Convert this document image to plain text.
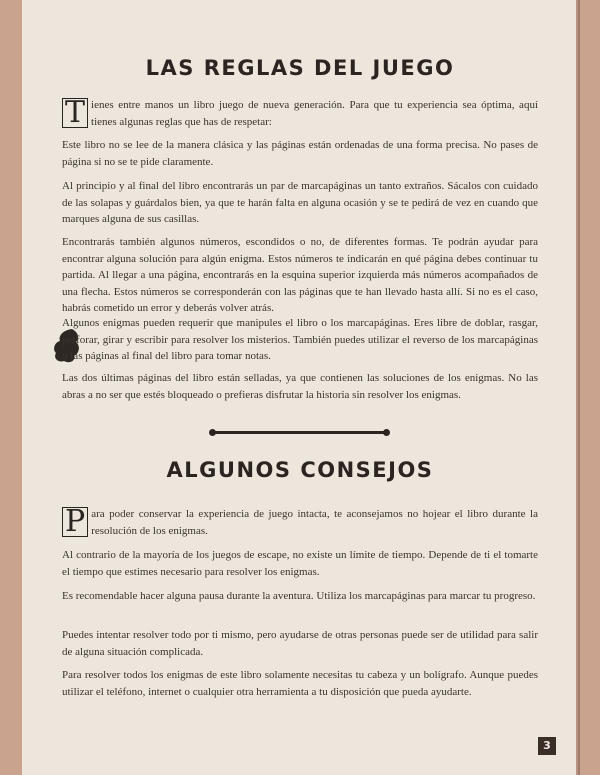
LAS REGLAS DEL JUEGO

T ienes entre manos un libro juego de nueva generación. Para que tu experiencia sea óptima, aquí tienes algunas reglas que has de respetar:

Este libro no se lee de la manera clásica y las páginas están ordenadas de una forma precisa. No pases de página si no se te pide claramente.

Al principio y al final del libro encontrarás un par de marcapáginas un tanto extraños. Sácalos con cuidado de las solapas y guárdalos bien, ya que te harán falta en alguna ocasión y se te pedirá de vez en cuando que marques alguna de sus casillas.

Encontrarás también algunos números, escondidos o no, de diferentes formas. Te podrán ayudar para encontrar alguna solución para algún enigma. Estos números te indicarán en qué página debes continuar tu partida. Al llegar a una página, encontrarás en la esquina superior izquierda más números acompañados de una flecha. Estos números se corresponderán con las páginas que te han llevado hasta allí. Si no es el caso, habrás cometido un error y deberás volver atrás.

Algunos enigmas pueden requerir que manipules el libro o los marcapáginas. Eres libre de doblar, rasgar, perforar, girar y escribir para resolver los misterios. También puedes utilizar el reverso de los marcapáginas o las páginas al final del libro para tomar notas.

Las dos últimas páginas del libro están selladas, ya que contienen las soluciones de los enigmas. No las abras a no ser que estés bloqueado o prefieras disfrutar la historia sin resolver los enigmas.

ALGUNOS CONSEJOS

P ara poder conservar la experiencia de juego intacta, te aconsejamos no hojear el libro durante la resolución de los enigmas.

Al contrario de la mayoría de los juegos de escape, no existe un límite de tiempo. Depende de ti el tomarte el tiempo que estimes necesario para resolver los enigmas.

Es recomendable hacer alguna pausa durante la aventura. Utiliza los marcapáginas para marcar tu progreso.

Puedes intentar resolver todo por ti mismo, pero ayudarse de otras personas puede ser de utilidad para salir de alguna situación complicada.

Para resolver todos los enigmas de este libro solamente necesitas tu cabeza y un bolígrafo. Aunque puedes utilizar el teléfono, internet o cualquier otra herramienta a tu disposición que pueda ayudarte.

3
